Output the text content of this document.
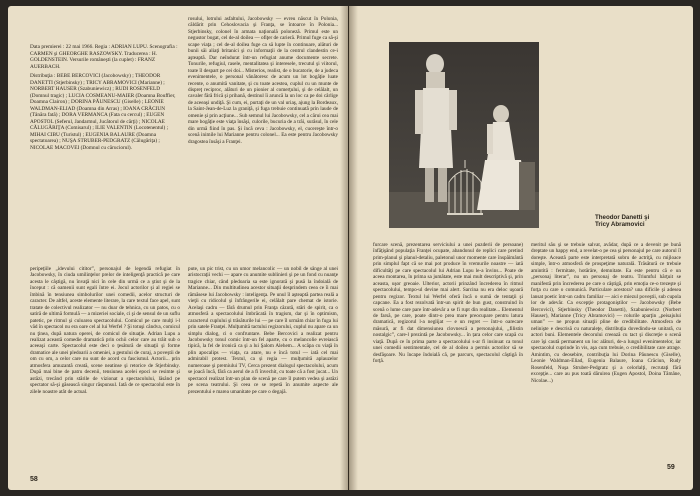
Data premierei : 22 mai 1966. Regia : ADRIAN LUPU. Scenografia : CARMEN şi GHEORGHE RASZOWSKY. Traducerea : H. GOLDENSTEIN. Versurile româneşti (la cuplet) : FRANZ AUERBACH.

Distribuţia : BEBE BERCOVICI (Jacobowsky) ; THEODOR DANETTI (Stjerbinsky) ; TRICY ABRAMOVICI (Marianne) ; NORBERT HAUSER (Szabuniewicz) ; RUDI ROSENFELD (Domnul tragic) ; LUCIA COSMEANU-MAIER (Doamna Bouffier, Doamna Clairon) ; DORINA PĂUNESCU (Giselle) ; LEONIE WALDMAN-ELIAD (Doamna din Arras) ; IOANA CRĂCIUN (Tânăra fată) ; DORA VERMANCA (Fata cu cercul) ; EUGEN APOSTOL (Seferul, Jandarmul, Jucătorul de cărţi) ; NICOLAE CĂLUGĂRIŢA (Comisarul) ; ILIE VALENTIN (Locotenentul) ; MIHAI CIBU (Turistul) ; EUGENIA BALAURE (Doamna spectatoarea) ; NUŞA STRUBER-PEDGRATZ (Călugăriţa) ; NICOLAE MACOVEI (Domnul cu căruciorul).

rosului, lotrului asfaltului, Jacobowsky — evreu născut în Polonia, căldărit prin Cehoslovacia şi Franţa, se întoarce în Polonia... Stjerbinsky, colonel în armata naţională poloneză. Primul este un negustor bogat, cel de-al doilea — ofiţer de carieră. Primul fuge ca să-şi scape viaţa ; cel de-al doilea fuge ca să lupte în continuare, alături de bunii săi aliaţi britanici şi cu informaţii de la centrul clandestin ce-i aşteaptă. Dar neîndurat într-un refugiat anume documente secrete. Tonurile, refugiul, rasele, mentalitatea şi interesele, trecutul şi viitorul, toate îl despart pe cei doi... Misterios, realist, de o bucatorie, de a judeca evenimentele, o personal vânătoresc de acum un lot bogăţie luate recente, o anumită vanitate, şi cu toate acestea, cuplul cu un munte de dispreţ reciproc, alături de un pionier al comerţului, şi de celălalt, un cavaler fără frică şi prihană, destinul îi aruncă la un loc ca pe doi cârlige de aceeaşi undiţă. Şi cum, ei, purtaţi de un val uriaş, ajung la Bordeaux, la Saint-Jean-de-Luz la graniţă, şi fuga trebuie continuată prin laude de omenie şi prin acţiune... Sub semnul lui Jacobowsky, cel a cărui cea mai mare bogăţie este viaţa însăşi, culorile, bucuria de a trăi, surâsul, în cele din urmă fiind în pas. Şi încă ceva : Jacobowsky, el, cucereşte într-o scenă inimile lui Marianne pentru colonel... Ea este pentru Jacobowsky dragostea însăşi a Franţei.

peripeţiile „idevului cititor”, personajul de legendă refugiat în Jacobowsky, în ciuda umilinţelor prelor de inteligenţă practică pe care acesta le câştigă, nu învaţă nici în cele din urmă ce a ştiut şi de la început : că oamenii sunt egali între ei. Jocul actorilor şi al regiei se îmbină în tensiunea simbolurilor unei comedii, acelor structuri de caracter. De altfel, aceste elemente literare, la care textul face apel, sunt tratate de colectivul realizator — nu doar de tehnica, cu un patos, cu o satiră de ultimă formulă — a mizeriei sociale, ci şi de sensul de un suflu patetic, pe ritmul şi culoarea spectacolului. Comicul pe care mulţi i-l văd în spectacol nu era oare cel al lui Werfel ? Şi totuşi cândva, comicul nu ţinea, după natura operei, de comicul de situaţie. Adrian Lupu a realizat această comedie dramatică prin ochii celor care au trăit sub o aceeaşi carte. Spectacolul este deci o ţesătură de situaţii şi forme dramatice ale unei pledoarii a omeniei, a gestului de curaj, a poveştii de om cu om, a celor care nu sunt de acord cu fascismul. Actorii... prin atmosfera amuzantă creată, scene neatinse şi retorice de Stjerbinsky. După mai bine de patru decenii, tensiunea acelei epoci se resimte şi astăzi, trecând prin stările de vizionat a spectacolului, lăsând pe spectator să-şi găsească singur răspunsul. Iată de ce spectacolul este în zilele noastre atât de actual.

pute, un pic trist, cu un umor melancolic — un nobil de sânge al unei aristocraţii vechi — apare cu anumite sublinieri şi pe un fond cu nuanţe tragice chiar, când pledoaria sa este ignorată şi pusă la îndoială de Marianne... Din multitudinea acestor situaţii desprindem ceea ce îi mai rămăsese lui Jacobowsky : inteligenţa. Pe unul îl aşteaptă partea reală a vieţii cu ridicolul şi înfrângerile ei, celălalt pare chemat de istorie. Acelaşi cadru — fără drumul prin Franţa căzută, stări de spirit, ca o atmosferă a spectacolului îmbrăcată în tragism, dar şi în optimism, caracterul cuplului şi trăsăturile lui — pe care îl urmăm chiar în fuga lui prin satele Franţei. Mulţumită tactului regizorului, cuplul nu apare ca un simplu dialog, ci o confruntare. Bebe Bercovici a realizat pentru Jacobowsky tonul comic într-un fel aparte, cu o melancolie evreiască tipică, la fel de ironică ca şi a lui Şalom Alehem... A scăpa cu viaţă în plin apocalips — viaţa, ca atare, nu e încă totul — iată cel mai admirabil protest. Textul, ca și regia — mulţumită aplauzelor numeroase şi premiului TV, Cerca prezent dialogul spectacolului, acum se joacă încă, fără ca aerul de a fi învechit, cu toate că a fost jucat... Un spectacol realizat într-un plan de scenă pe care îl putem vedea şi astăzi pe scena teatrului. Şi ceea ce se repetă în anumite aspecte ale prezentului e marea umanitate pe care o degajă.

58
Theodor Danetti şi Tricy Abramovici

furcare scenă, prezentarea serviciului a unei puzderii de persoane) înfăţişând populaţia Franţei ocupate, abandonul de replici care pretind prim-planul şi planul-detaliu, paletonul unor momente care înspăimântă prin simplul fapt că se mai pot produce în vremurile noastre — iată dificultăţi pe care spectacolul lui Adrian Lupu le-a învins... Poate de aceea montarea, în prima sa jumătate, este mai mult descriptivă şi, prin aceasta, uşor greoaie. Ulterior, actorii prinzând încrederea în ritmul spectacolului, tempo-ul devine mai alert. Sarcina nu era deloc uşoară pentru regizor. Textul lui Werfel oferă încă o sumă de tentaţii şi capcane. Ea a fost rezolvată într-un spirit de bun gust, construind în scenă o lume care pare într-adevăr a se fi rupt din realitate... Elementul de farsă, pe care, poate dintr-o prea mare preocupare pentru latura dramatică, regizorul l-a neglijat — e un regret — într-o oarecare măsură, ar fi dat dimensiunea clovnescă a personajului, „filistin nostalgic”, care-l prezintă pe Jacobowsky... în țara celor care scapă cu viaţă. După ce în prima parte a spectacolului s-ar fi insinuat ca tonul unei comedii sentimentale, cel de al doilea a permis actorilor să se desfăşoare. Nu încape îndoială că, pe parcurs, spectacolul câştigă în forţă.

meritul său şi se trebuie salvat, avădar, după ce a devenit pe bună dreptate un happy end, a revelat-o pe cea şi personajul pe care autorul îl doreşte. Această parte este interpretată sobru de actriţă, cu mijloace simple, într-o atmosferă de prospeţime naturală. Trăsătură ce trebuie amintită : fermitate, hotărâre, demnitate. Ea este pentru că e un „personaj literar”, nu un personaj de teatru. Triumful hărţuit se manifestă prin încrederea pe care o câştigă, prin emoţia ce-o trezeşte şi forţa cu care o comunică. Particulare acestora? una dificile şi adesea lansat poetic într-un cadru familiar — aici e miezul poveştii, sub cupola lor de adevăr. Ca excepţie protagoniştilor — Jacobowsky (Bebe Bercovici), Stjerbinsky (Theodor Danetti), Szabuniewicz (Norbert Hauser), Marianne (Tricy Abramovici) — rolurile aparţin „peisajului uman” — ne propun situaţii pline de credibilitate. Atmosfera de nelinişte e descrisă cu naturaleţe, distribuţia dovedindu-se unitară, cu actori buni. Elementele decorului creează cu tact şi discreţie o scenă care îşi caută permanent un loc alături, de-a lungul evenimentelor, iar spectacolul cuprinde în vis, aşa cum trebuie, o credibilitate care atrage. Amintim, cu deosebire, contribuţia lui Dorina Păunescu (Giselle), Leonie Waldman-Eliad, Eugenia Balaure, Ioana Crăciun, Rudy Rosenfeld, Nuşa Struber-Pedgratz şi a celorlalţi, recrutaţi fără excepţie... care au pus toată dăruirea (Eugen Apostol, Doina Tămâne, Nicolae...)

59
